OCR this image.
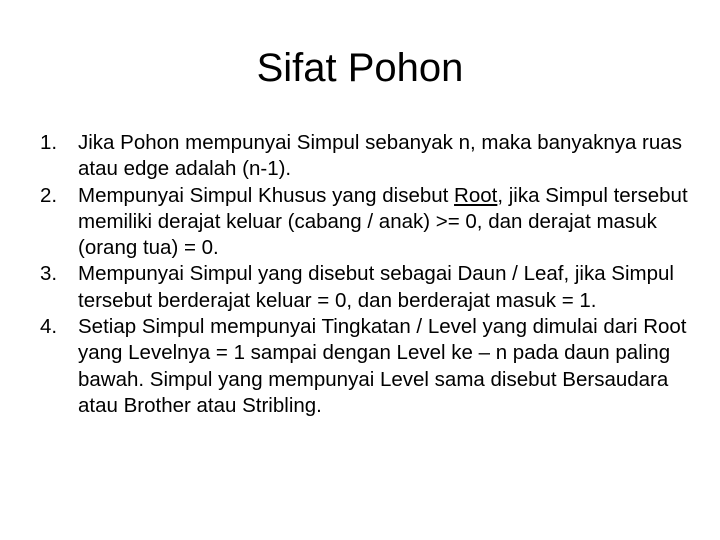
Sifat Pohon
1. Jika Pohon mempunyai Simpul sebanyak n, maka banyaknya ruas atau edge adalah (n-1).
2. Mempunyai Simpul Khusus yang disebut Root, jika Simpul tersebut memiliki derajat keluar (cabang / anak) >= 0, dan derajat masuk (orang tua) = 0.
3. Mempunyai Simpul yang disebut sebagai Daun / Leaf, jika Simpul tersebut berderajat keluar = 0, dan berderajat masuk = 1.
4. Setiap Simpul mempunyai Tingkatan / Level yang dimulai dari Root yang Levelnya = 1 sampai dengan Level ke – n pada daun paling bawah. Simpul yang mempunyai Level sama disebut Bersaudara atau Brother atau Stribling.
